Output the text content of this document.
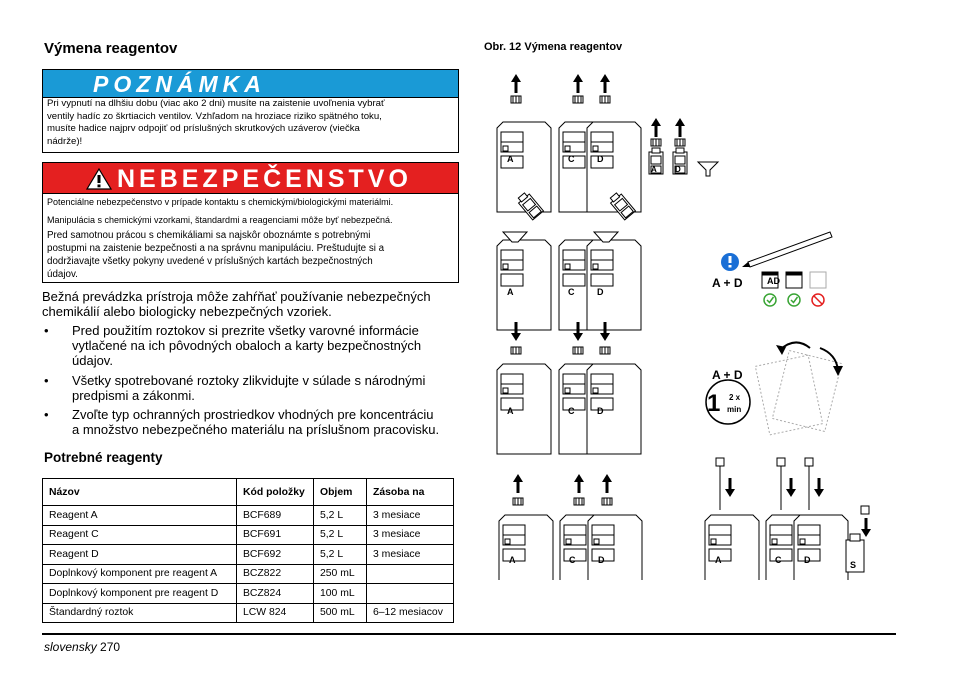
Výmena reagentov
POZNÁMKA
Pri vypnutí na dlhšiu dobu (viac ako 2 dni) musíte na zaistenie uvoľnenia vybrať
ventily hadíc zo škrtiacich ventilov. Vzhľadom na hroziace riziko spätného toku,
musíte hadice najprv odpojiť od príslušných skrutkových uzáverov (viečka
nádrže)!
NEBEZPEČENSTVO
Potenciálne nebezpečenstvo v prípade kontaktu s chemickými/biologickými materiálmi.
Manipulácia s chemickými vzorkami, štandardmi a reagenciami môže byť nebezpečná.
Pred samotnou prácou s chemikáliami sa najskôr oboznámte s potrebnými
postupmi na zaistenie bezpečnosti a na správnu manipuláciu. Preštudujte si a
dodržiavajte všetky pokyny uvedené v príslušných kartách bezpečnostných
údajov.
Bežná prevádzka prístroja môže zahŕňať používanie nebezpečných
chemikálií alebo biologicky nebezpečných vzoriek.
• Pred použitím roztokov si prezrite všetky varovné informácie
vytlačené na ich pôvodných obaloch a karty bezpečnostných
údajov.
• Všetky spotrebované roztoky zlikvidujte v súlade s národnými
predpismi a zákonmi.
• Zvoľte typ ochranných prostriedkov vhodných pre koncentráciu
a množstvo nebezpečného materiálu na príslušnom pracovisku.
Potrebné reagenty
Názov	Kód položky	Objem	Zásoba na
Reagent A	BCF689	5,2 L	3 mesiace
Reagent C	BCF691	5,2 L	3 mesiace
Reagent D	BCF692	5,2 L	3 mesiace
Doplnkový komponent pre reagent A	BCZ822	250 mL	
Doplnkový komponent pre reagent D	BCZ824	100 mL	
Štandardný roztok	LCW 824	500 mL	6–12 mesiacov
Obr. 12 Výmena reagentov
A	C	D
A D
A	C	D
A + D	AD
A	C	D
A + D
1 2 x
min
A	C	D	A	C	D	S
slovensky 270
